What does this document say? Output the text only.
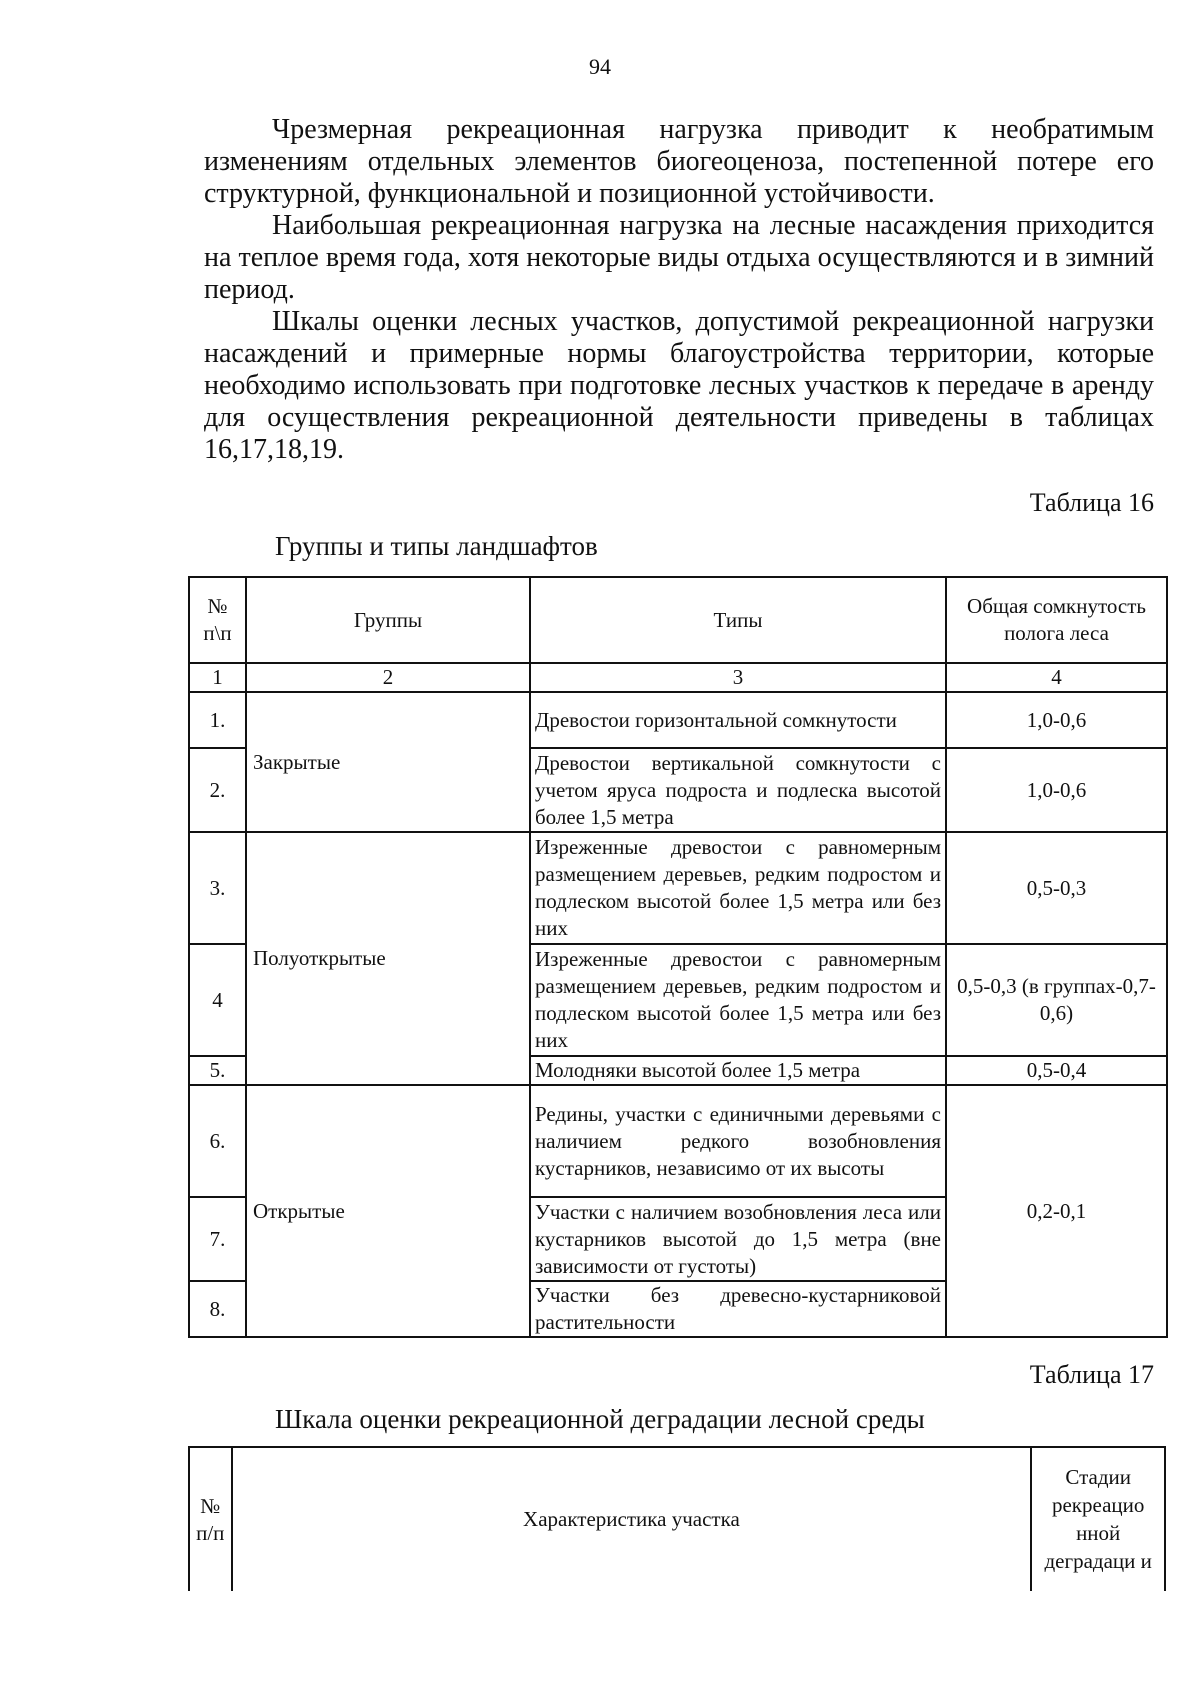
94

Чрезмерная рекреационная нагрузка приводит к необратимым изменениям отдельных элементов биогеоценоза, постепенной потере его структурной, функциональной и позиционной устойчивости.

Наибольшая рекреационная нагрузка на лесные насаждения приходится на теплое время года, хотя некоторые виды отдыха осуществляются и в зимний период.

Шкалы оценки лесных участков, допустимой рекреационной нагрузки насаждений и примерные нормы благоустройства территории, которые необходимо использовать при подготовке лесных участков к передаче в аренду для осуществления рекреационной деятельности приведены в таблицах 16,17,18,19.

Таблица 16
Группы и типы ландшафтов
№ п\п	Группы	Типы	Общая сомкнутость полога леса
1	2	3	4
1.	Закрытые	Древостои горизонтальной сомкнутости	1,0-0,6
2.		Древостои вертикальной сомкнутости с учетом яруса подроста и подлеска высотой более 1,5 метра	1,0-0,6
3.	Полуоткрытые	Изреженные древостои с равномерным размещением деревьев, редким подростом и подлеском высотой более 1,5 метра или без них	0,5-0,3
4		Изреженные древостои с равномерным размещением деревьев, редким подростом и подлеском высотой более 1,5 метра или без них	0,5-0,3 (в группах-0,7-0,6)
5.		Молодняки высотой более 1,5 метра	0,5-0,4
6.	Открытые	Редины, участки с единичными деревьями с наличием редкого возобновления кустарников, независимо от их высоты	0,2-0,1
7.		Участки с наличием возобновления леса или кустарников высотой до 1,5 метра (вне зависимости от густоты)	
8.		Участки без древесно-кустарниковой растительности	
Таблица 17
Шкала оценки рекреационной деградации лесной среды
№ п/п	Характеристика участка	Стадии рекреацио нной деградаци и
